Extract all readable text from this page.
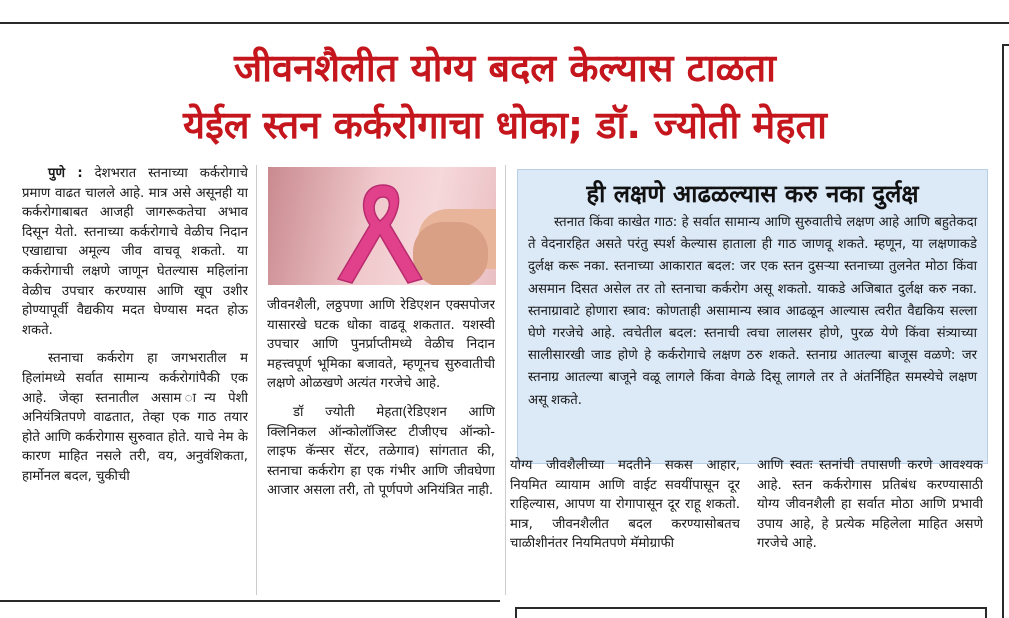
जीवनशैलीत योग्य बदल केल्यास टाळता
येईल स्तन कर्करोगाचा धोका; डॉ. ज्योती मेहता

पुणे : देशभरात स्तनाच्या कर्करोगाचे प्रमाण वाढत चालले आहे. मात्र असे असूनही या कर्करोगाबाबत आजही जागरूकतेचा अभाव दिसून येतो. स्तनाच्या कर्करोगाचे वेळीच निदान एखाद्याचा अमूल्य जीव वाचवू शकतो. या कर्करोगाची लक्षणे जाणून घेतल्यास महिलांना वेळीच उपचार करण्यास आणि खूप उशीर होण्यापूर्वी वैद्यकीय मदत घेण्यास मदत होऊ शकते.

स्तनाचा कर्करोग हा जगभरातील म हिलांमध्ये सर्वात सामान्य कर्करोगांपैकी एक आहे. जेव्हा स्तनातील असाम ान्य पेशी अनियंत्रितपणे वाढतात, तेव्हा एक गाठ तयार होते आणि कर्करोगास सुरुवात होते. याचे नेम के कारण माहित नसले तरी, वय, अनुवंशिकता, हार्मोनल बदल, चुकीची

जीवनशैली, लठ्ठपणा आणि रेडिएशन एक्सपोजर यासारखे घटक धोका वाढवू शकतात. यशस्वी उपचार आणि पुनर्प्राप्तीमध्ये वेळीच निदान महत्त्वपूर्ण भूमिका बजावते, म्हणूनच सुरुवातीची लक्षणे ओळखणे अत्यंत गरजेचे आहे.

डॉ ज्योती मेहता(रेडिएशन आणि क्लिनिकल ऑन्कोलॉजिस्ट टीजीएच ऑन्को-लाइफ कॅन्सर सेंटर, तळेगाव) सांगतात की, स्तनाचा कर्करोग हा एक गंभीर आणि जीवघेणा आजार असला तरी, तो पूर्णपणे अनियंत्रित नाही.

ही लक्षणे आढळल्यास करु नका दुर्लक्ष
स्तनात किंवा काखेत गाठ: हे सर्वात सामान्य आणि सुरुवातीचे लक्षण आहे आणि बहुतेकदा ते वेदनारहित असते परंतु स्पर्श केल्यास हाताला ही गाठ जाणवू शकते. म्हणून, या लक्षणाकडे दुर्लक्ष करू नका. स्तनाच्या आकारात बदल: जर एक स्तन दुसऱ्या स्तनाच्या तुलनेत मोठा किंवा असमान दिसत असेल तर तो स्तनाचा कर्करोग असू शकतो. याकडे अजिबात दुर्लक्ष करु नका. स्तनाग्रावाटे होणारा स्त्राव: कोणताही असामान्य स्त्राव आढळून आल्यास त्वरीत वैद्यकिय सल्ला घेणे गरजेचे आहे. त्वचेतील बदल: स्तनाची त्वचा लालसर होणे, पुरळ येणे किंवा संत्र्याच्या सालीसारखी जाड होणे हे कर्करोगाचे लक्षण ठरु शकते. स्तनाग्र आतल्या बाजूस वळणे: जर स्तनाग्र आतल्या बाजूने वळू लागले किंवा वेगळे दिसू लागले तर ते अंतर्निहित समस्येचे लक्षण असू शकते.

योग्य जीवशैलीच्या मदतीने सकस आहार, नियमित व्यायाम आणि वाईट सवयींपासून दूर राहिल्यास, आपण या रोगापासून दूर राहू शकतो. मात्र, जीवनशैलीत बदल करण्यासोबतच चाळीशीनंतर नियमितपणे मॅमोग्राफी

आणि स्वतः स्तनांची तपासणी करणे आवश्यक आहे. स्तन कर्करोगास प्रतिबंध करण्यासाठी योग्य जीवनशैली हा सर्वात मोठा आणि प्रभावी उपाय आहे, हे प्रत्येक महिलेला माहित असणे गरजेचे आहे.
